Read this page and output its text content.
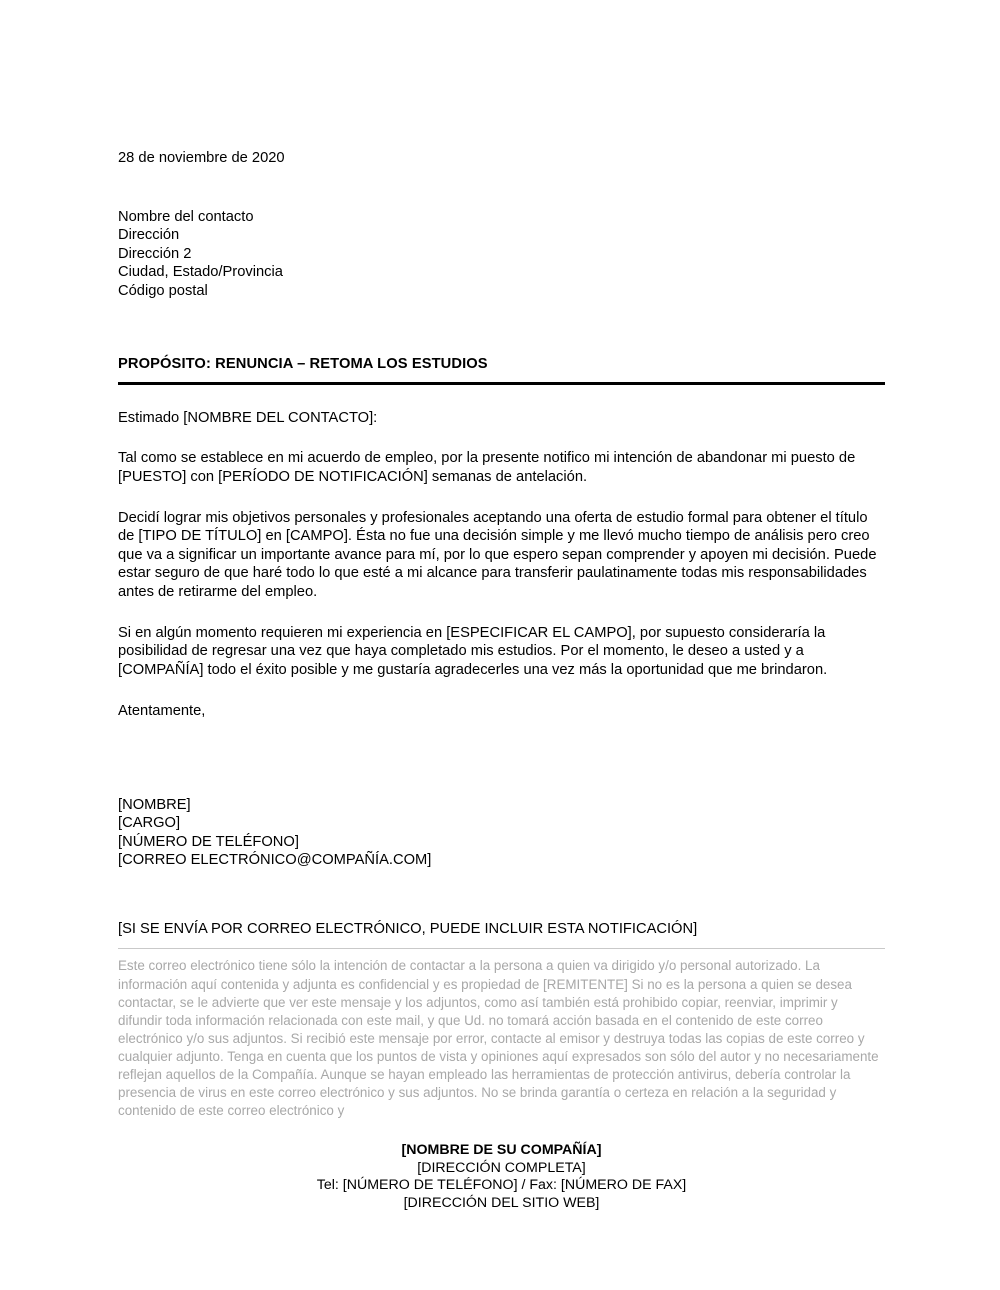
28 de noviembre de 2020
Nombre del contacto
Dirección
Dirección 2
Ciudad, Estado/Provincia
Código postal
PROPÓSITO: RENUNCIA – RETOMA LOS ESTUDIOS
Estimado [NOMBRE DEL CONTACTO]:

Tal como se establece en mi acuerdo de empleo, por la presente notifico mi intención de abandonar mi puesto de [PUESTO] con [PERÍODO DE NOTIFICACIÓN] semanas de antelación.

Decidí lograr mis objetivos personales y profesionales aceptando una oferta de estudio formal para obtener el título de [TIPO DE TÍTULO] en [CAMPO]. Ésta no fue una decisión simple y me llevó mucho tiempo de análisis pero creo que va a significar un importante avance para mí, por lo que espero sepan comprender y apoyen mi decisión. Puede estar seguro de que haré todo lo que esté a mi alcance para transferir paulatinamente todas mis responsabilidades antes de retirarme del empleo.

Si en algún momento requieren mi experiencia en [ESPECIFICAR EL CAMPO], por supuesto consideraría la posibilidad de regresar una vez que haya completado mis estudios. Por el momento, le deseo a usted y a [COMPAÑÍA] todo el éxito posible y me gustaría agradecerles una vez más la oportunidad que me brindaron.

Atentamente,
[NOMBRE]
[CARGO]
[NÚMERO DE TELÉFONO]
[CORREO ELECTRÓNICO@COMPAÑÍA.COM]
[SI SE ENVÍA POR CORREO ELECTRÓNICO, PUEDE INCLUIR ESTA NOTIFICACIÓN]

Este correo electrónico tiene sólo la intención de contactar a la persona a quien va dirigido y/o personal autorizado. La información aquí contenida y adjunta es confidencial y es propiedad de [REMITENTE] Si no es la persona a quien se desea contactar, se le advierte que ver este mensaje y los adjuntos, como así también está prohibido copiar, reenviar, imprimir y difundir toda información relacionada con este mail, y que Ud. no tomará acción basada en el contenido de este correo electrónico y/o sus adjuntos. Si recibió este mensaje por error, contacte al emisor y destruya todas las copias de este correo y cualquier adjunto. Tenga en cuenta que los puntos de vista y opiniones aquí expresados son sólo del autor y no necesariamente reflejan aquellos de la Compañía. Aunque se hayan empleado las herramientas de protección antivirus, debería controlar la presencia de virus en este correo electrónico y sus adjuntos. No se brinda garantía o certeza en relación a la seguridad y contenido de este correo electrónico y

[NOMBRE DE SU COMPAÑÍA]
[DIRECCIÓN COMPLETA]
Tel: [NÚMERO DE TELÉFONO] / Fax: [NÚMERO DE FAX]
[DIRECCIÓN DEL SITIO WEB]
